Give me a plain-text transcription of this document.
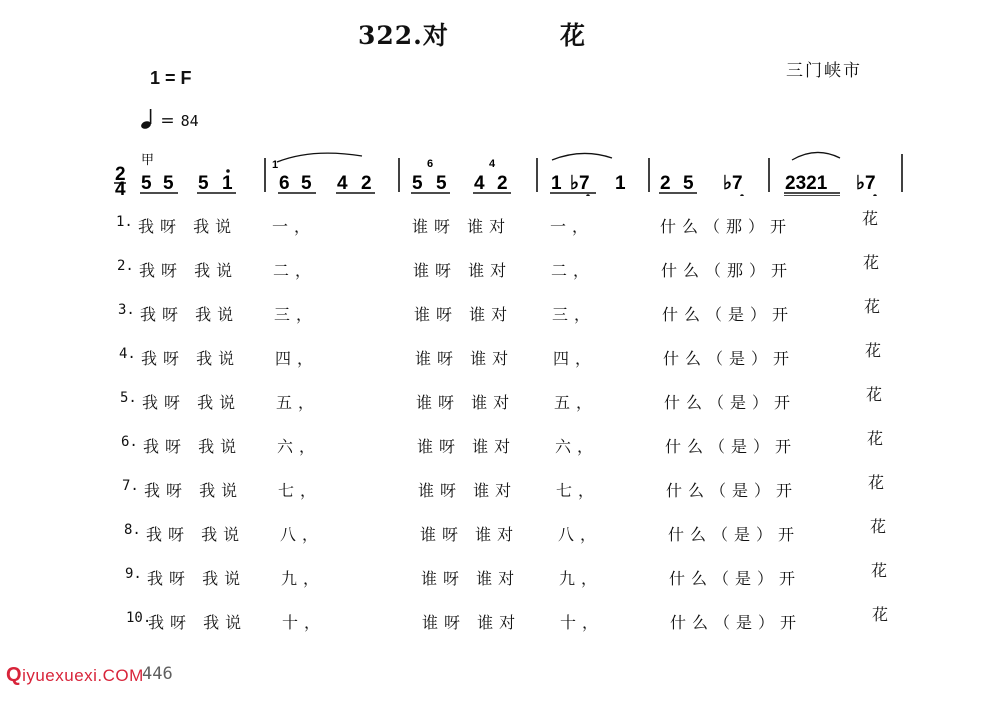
322.对	花
三门峡市
1 = F
= 84
2
4
甲
5 5 5 1
1
6 5 4 2 5
6
5 4
4
2 1 ♭7 1 2 5 ♭7 2321 ♭7
1. 我呀 我说 一，	谁呀 谁对 一，	什么（那）开	花
2. 我呀 我说 二，	谁呀 谁对 二，	什么（那）开	花
3. 我呀 我说 三，	谁呀 谁对 三，	什么（是）开	花
4. 我呀 我说 四，	谁呀 谁对 四，	什么（是）开	花
5. 我呀 我说 五，	谁呀 谁对 五，	什么（是）开	花
6. 我呀 我说 六，	谁呀 谁对 六，	什么（是）开	花
7. 我呀 我说 七，	谁呀 谁对 七，	什么（是）开	花
8. 我呀 我说 八，	谁呀 谁对 八，	什么（是）开	花
9. 我呀 我说 九，	谁呀 谁对 九，	什么（是）开	花
10.
我呀 我说 十，	谁呀 谁对 十，	什么（是）开	花
Qiyuexuexi.COM
446
